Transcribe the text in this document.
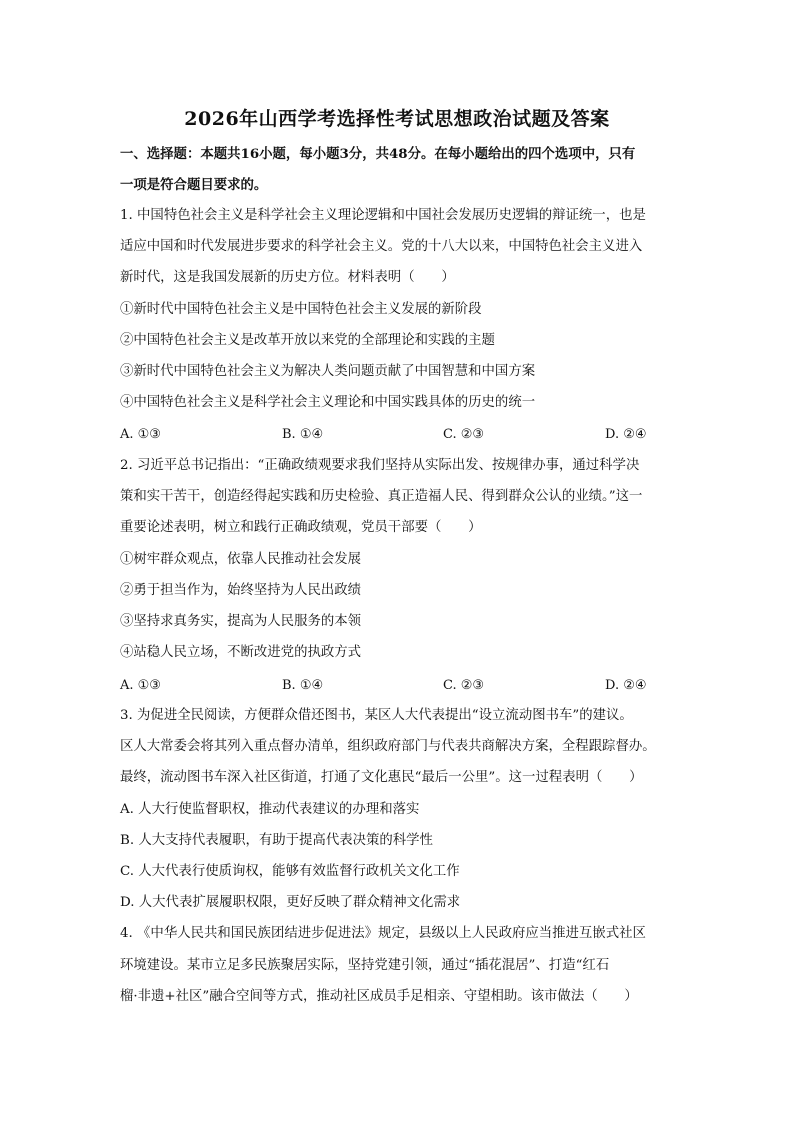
2026年山西学考选择性考试思想政治试题及答案
一、选择题：本题共16小题，每小题3分，共48分。在每小题给出的四个选项中，只有
一项是符合题目要求的。
1. 中国特色社会主义是科学社会主义理论逻辑和中国社会发展历史逻辑的辩证统一，也是
适应中国和时代发展进步要求的科学社会主义。党的十八大以来，中国特色社会主义进入
新时代，这是我国发展新的历史方位。材料表明（　　）
①新时代中国特色社会主义是中国特色社会主义发展的新阶段
②中国特色社会主义是改革开放以来党的全部理论和实践的主题
③新时代中国特色社会主义为解决人类问题贡献了中国智慧和中国方案
④中国特色社会主义是科学社会主义理论和中国实践具体的历史的统一
A. ①③	B. ①④	C. ②③	D. ②④
2. 习近平总书记指出：“正确政绩观要求我们坚持从实际出发、按规律办事，通过科学决
策和实干苦干，创造经得起实践和历史检验、真正造福人民、得到群众公认的业绩。”这一
重要论述表明，树立和践行正确政绩观，党员干部要（　　）
①树牢群众观点，依靠人民推动社会发展
②勇于担当作为，始终坚持为人民出政绩
③坚持求真务实，提高为人民服务的本领
④站稳人民立场，不断改进党的执政方式
A. ①③	B. ①④	C. ②③	D. ②④
3. 为促进全民阅读，方便群众借还图书，某区人大代表提出“设立流动图书车”的建议。
区人大常委会将其列入重点督办清单，组织政府部门与代表共商解决方案，全程跟踪督办。
最终，流动图书车深入社区街道，打通了文化惠民“最后一公里”。这一过程表明（　　）
A. 人大行使监督职权，推动代表建议的办理和落实
B. 人大支持代表履职，有助于提高代表决策的科学性
C. 人大代表行使质询权，能够有效监督行政机关文化工作
D. 人大代表扩展履职权限，更好反映了群众精神文化需求
4. 《中华人民共和国民族团结进步促进法》规定，县级以上人民政府应当推进互嵌式社区
环境建设。某市立足多民族聚居实际，坚持党建引领，通过“插花混居”、打造“红石
榴·非遗+社区”融合空间等方式，推动社区成员手足相亲、守望相助。该市做法（　　）
